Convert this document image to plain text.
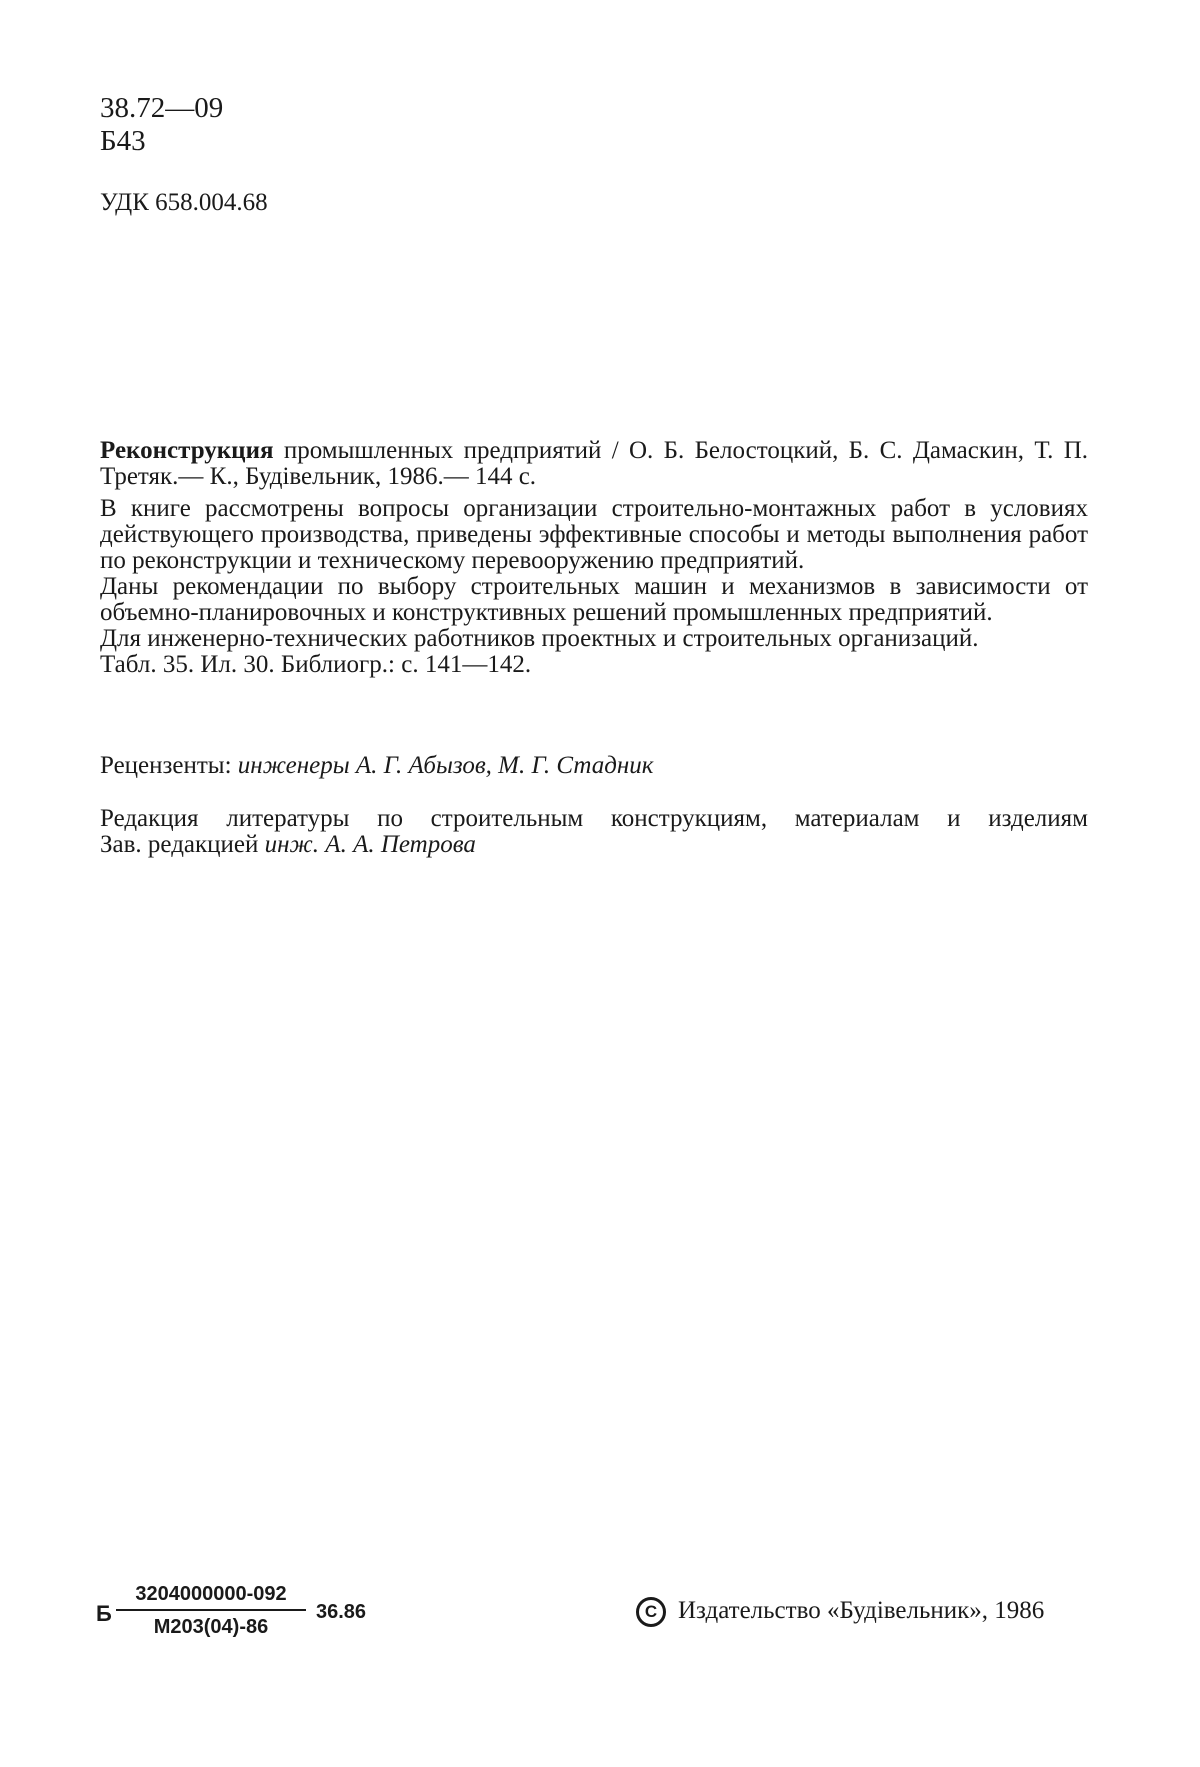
38.72—09
Б43
УДК 658.004.68

Реконструкция промышленных предприятий / О. Б. Белостоцкий, Б. С. Дамаскин, Т. П. Третяк.— К., Будiвельник, 1986.— 144 с.

В книге рассмотрены вопросы организации строительно-монтажных работ в условиях действующего производства, приведены эффективные способы и методы выполнения работ по реконструкции и техническому перевооружению предприятий.

Даны рекомендации по выбору строительных машин и механизмов в зависимости от объемно-планировочных и конструктивных решений промышленных предприятий.

Для инженерно-технических работников проектных и строительных организаций.

Табл. 35. Ил. 30. Библиогр.: с. 141—142.

Рецензенты: инженеры А. Г. Абызов, М. Г. Стадник
Редакция литературы по строительным конструкциям, материалам и изделиям
Зав. редакцией инж. А. А. Петрова
Б
3204000000-092
М203(04)-86
36.86	C Издательство «Будiвельник», 1986
